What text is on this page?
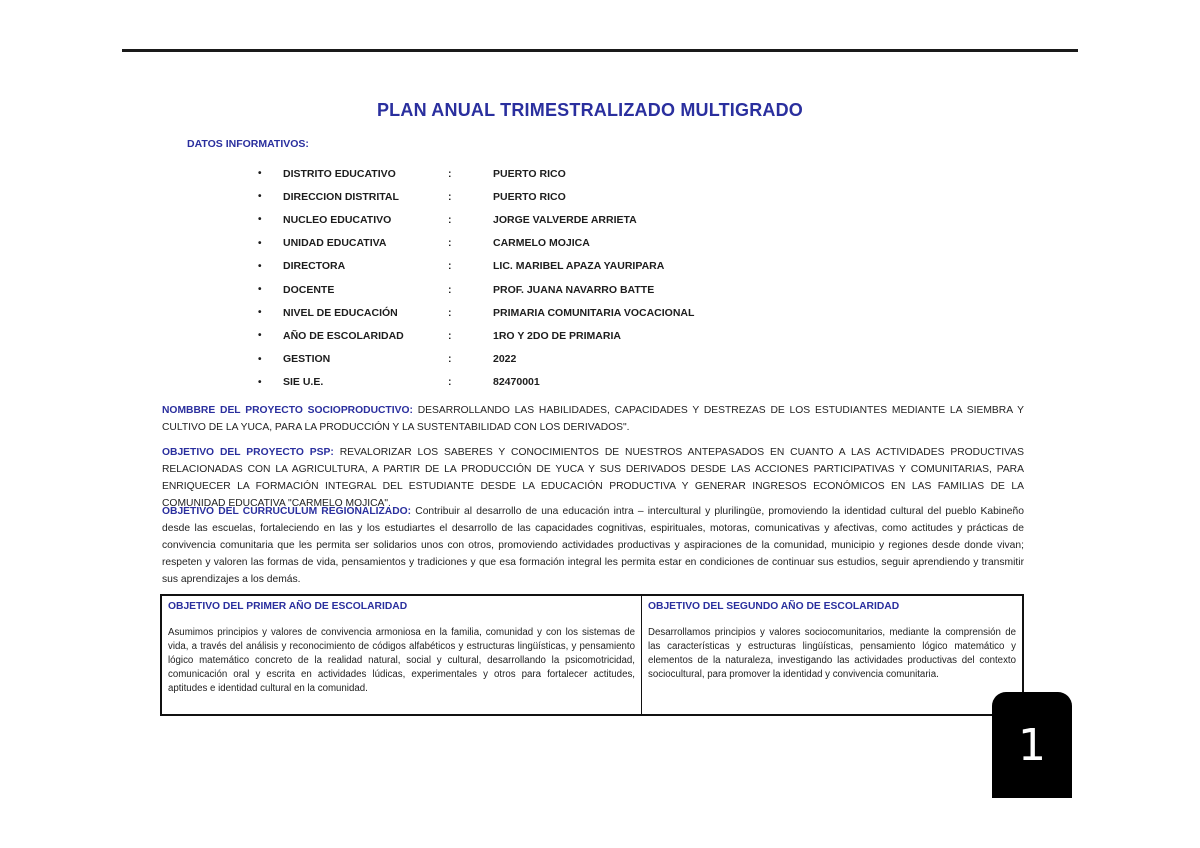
PLAN ANUAL TRIMESTRALIZADO MULTIGRADO
DATOS INFORMATIVOS:
•	DISTRITO EDUCATIVO	:	PUERTO RICO
•	DIRECCION DISTRITAL	:	PUERTO RICO
•	NUCLEO EDUCATIVO	:	JORGE VALVERDE ARRIETA
•	UNIDAD EDUCATIVA	:	CARMELO MOJICA
•	DIRECTORA	:	LIC. MARIBEL APAZA YAURIPARA
•	DOCENTE	:	PROF. JUANA NAVARRO BATTE
•	NIVEL DE EDUCACIÓN	:	PRIMARIA COMUNITARIA VOCACIONAL
•	AÑO DE ESCOLARIDAD	:	1RO Y 2DO DE PRIMARIA
•	GESTION	:	2022
•	SIE U.E.	:	82470001

NOMBBRE DEL PROYECTO SOCIOPRODUCTIVO: DESARROLLANDO LAS HABILIDADES, CAPACIDADES Y DESTREZAS DE LOS ESTUDIANTES MEDIANTE LA SIEMBRA Y CULTIVO DE LA YUCA, PARA LA PRODUCCIÓN Y LA SUSTENTABILIDAD CON LOS DERIVADOS".

OBJETIVO DEL PROYECTO PSP: REVALORIZAR LOS SABERES Y CONOCIMIENTOS DE NUESTROS ANTEPASADOS EN CUANTO A LAS ACTIVIDADES PRODUCTIVAS RELACIONADAS CON LA AGRICULTURA, A PARTIR DE LA PRODUCCIÓN DE YUCA Y SUS DERIVADOS DESDE LAS ACCIONES PARTICIPATIVAS Y COMUNITARIAS, PARA ENRIQUECER LA FORMACIÓN INTEGRAL DEL ESTUDIANTE DESDE LA EDUCACIÓN PRODUCTIVA Y GENERAR INGRESOS ECONÓMICOS EN LAS FAMILIAS DE LA COMUNIDAD EDUCATIVA "CARMELO MOJICA".

OBJETIVO DEL CURRUCULUM REGIONALIZADO: Contribuir al desarrollo de una educación intra – intercultural y plurilingüe, promoviendo la identidad cultural del pueblo Kabineño desde las escuelas, fortaleciendo en las y los estudiartes el desarrollo de las capacidades cognitivas, espirituales, motoras, comunicativas y afectivas, como actitudes y prácticas de convivencia comunitaria que les permita ser solidarios unos con otros, promoviendo actividades productivas y aspiraciones de la comunidad, municipio y regiones desde donde vivan; respeten y valoren las formas de vida, pensamientos y tradiciones y que esa formación integral les permita estar en condiciones de continuar sus estudios, seguir aprendiendo y transmitir sus aprendizajes a los demás.

OBJETIVO DEL PRIMER AÑO DE ESCOLARIDAD

Asumimos principios y valores de convivencia armoniosa en la familia, comunidad y con los sistemas de vida, a través del análisis y reconocimiento de códigos alfabéticos y estructuras lingüísticas, y pensamiento lógico matemático concreto de la realidad natural, social y cultural, desarrollando la psicomotricidad, comunicación oral y escrita en actividades lúdicas, experimentales y otros para fortalecer actitudes, aptitudes e identidad cultural en la comunidad.

OBJETIVO DEL SEGUNDO AÑO DE ESCOLARIDAD

Desarrollamos principios y valores sociocomunitarios, mediante la comprensión de las características y estructuras lingüísticas, pensamiento lógico matemático y elementos de la naturaleza, investigando las actividades productivas del contexto sociocultural, para promover la identidad y convivencia comunitaria.

1
